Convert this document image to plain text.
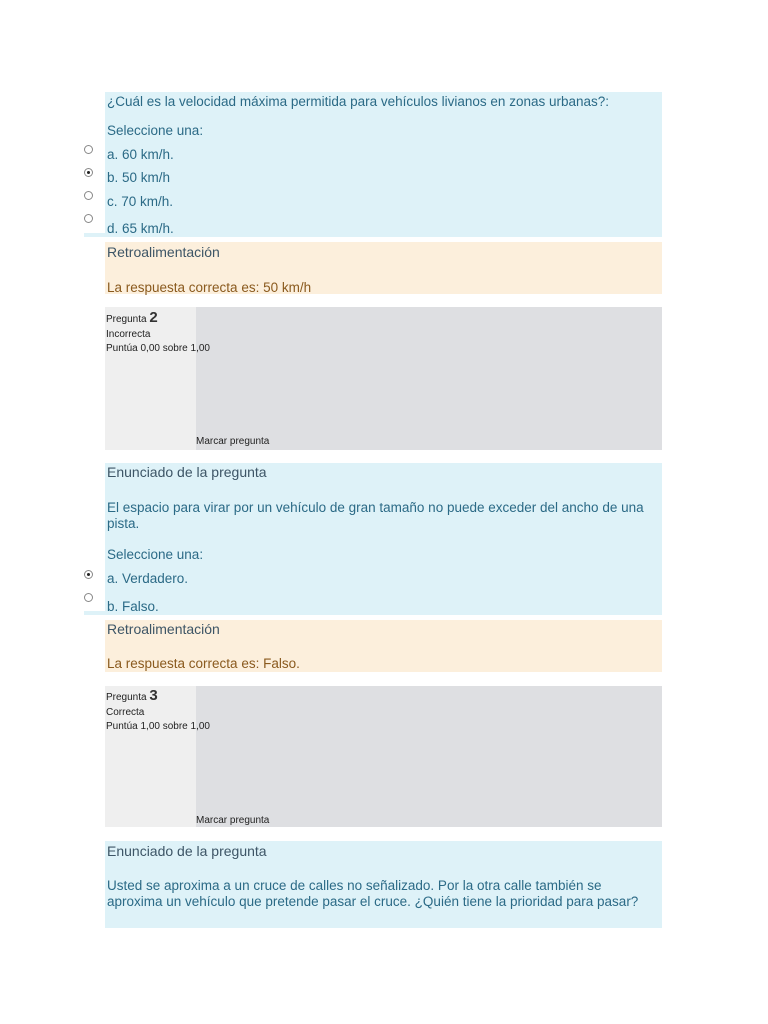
¿Cuál es la velocidad máxima permitida para vehículos livianos en zonas urbanas?:
Seleccione una:
a. 60 km/h.
b. 50 km/h
c. 70 km/h.
d. 65 km/h.
Retroalimentación
La respuesta correcta es: 50 km/h
Pregunta 2
Incorrecta
Puntúa 0,00 sobre 1,00
Marcar pregunta
Enunciado de la pregunta
El espacio para virar por un vehículo de gran tamaño no puede exceder del ancho de una pista.
Seleccione una:
a. Verdadero.
b. Falso.
Retroalimentación
La respuesta correcta es: Falso.
Pregunta 3
Correcta
Puntúa 1,00 sobre 1,00
Marcar pregunta
Enunciado de la pregunta
Usted se aproxima a un cruce de calles no señalizado. Por la otra calle también se aproxima un vehículo que pretende pasar el cruce. ¿Quién tiene la prioridad para pasar?
